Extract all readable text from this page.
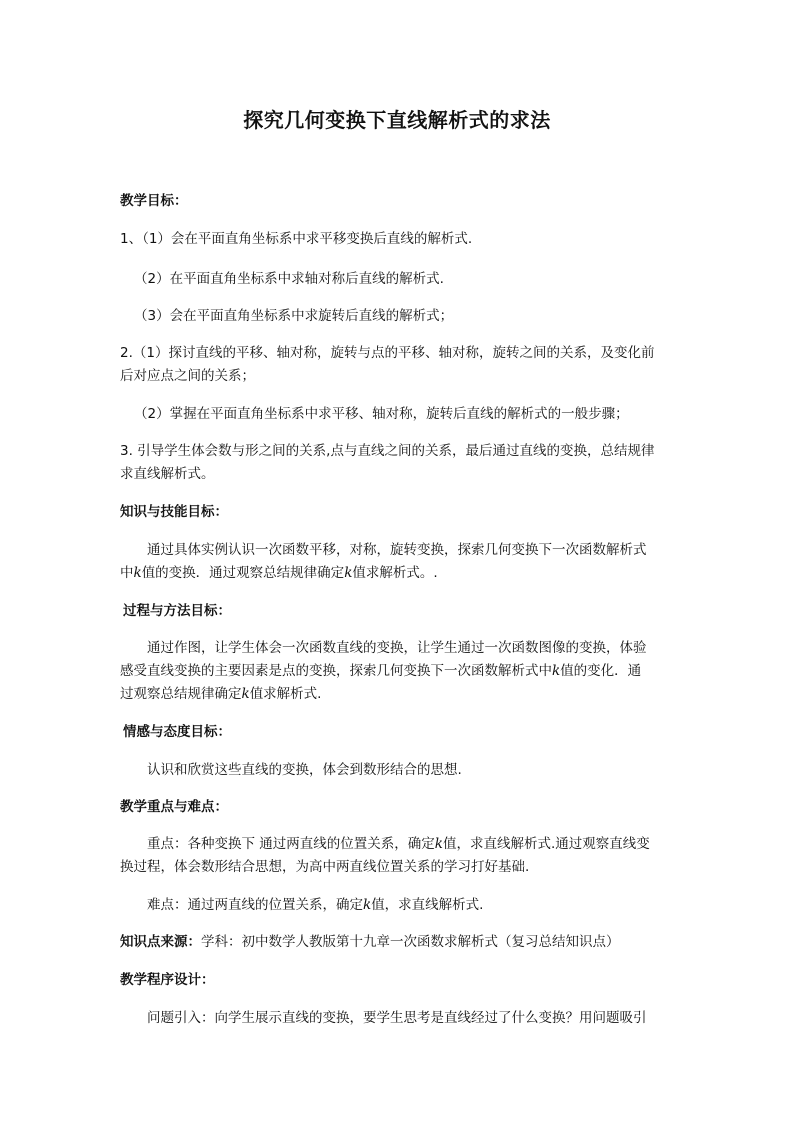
探究几何变换下直线解析式的求法
教学目标：
1、（1）会在平面直角坐标系中求平移变换后直线的解析式.
（2）在平面直角坐标系中求轴对称后直线的解析式.
（3）会在平面直角坐标系中求旋转后直线的解析式；
2.（1）探讨直线的平移、轴对称，旋转与点的平移、轴对称，旋转之间的关系，及变化前
后对应点之间的关系；
（2）掌握在平面直角坐标系中求平移、轴对称，旋转后直线的解析式的一般步骤；
3. 引导学生体会数与形之间的关系,点与直线之间的关系，最后通过直线的变换，总结规律
求直线解析式。
知识与技能目标：
通过具体实例认识一次函数平移，对称，旋转变换，探索几何变换下一次函数解析式
中k值的变换．通过观察总结规律确定k值求解析式。.
过程与方法目标：
通过作图，让学生体会一次函数直线的变换，让学生通过一次函数图像的变换，体验
感受直线变换的主要因素是点的变换，探索几何变换下一次函数解析式中k值的变化．通
过观察总结规律确定k值求解析式.
情感与态度目标：
认识和欣赏这些直线的变换，体会到数形结合的思想.
教学重点与难点：
重点：各种变换下 通过两直线的位置关系，确定k值，求直线解析式.通过观察直线变
换过程，体会数形结合思想，为高中两直线位置关系的学习打好基础.
难点：通过两直线的位置关系，确定k值，求直线解析式.
知识点来源：学科：初中数学人教版第十九章一次函数求解析式（复习总结知识点）
教学程序设计：
问题引入：向学生展示直线的变换，要学生思考是直线经过了什么变换？用问题吸引
